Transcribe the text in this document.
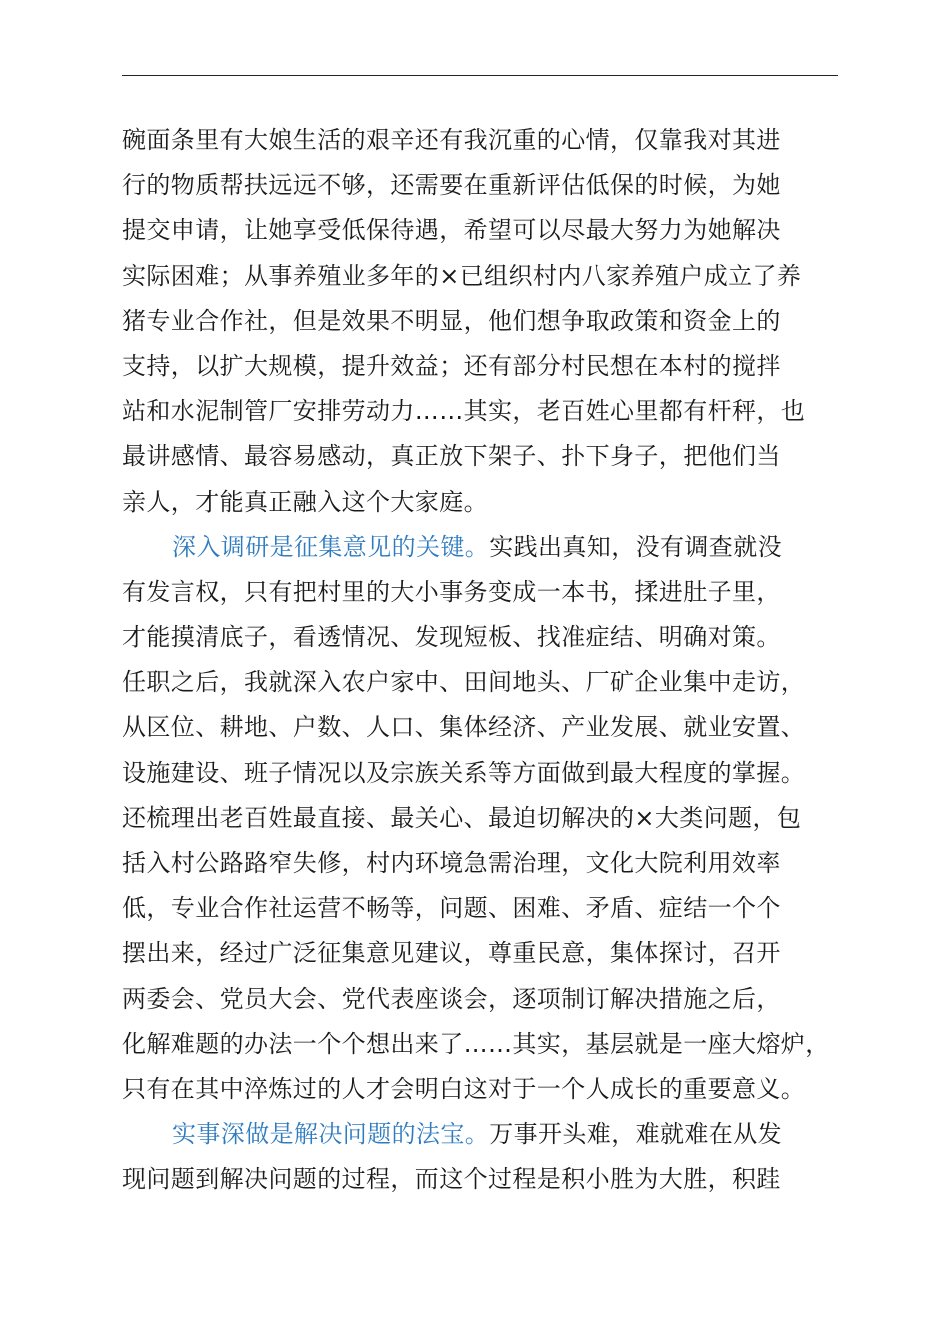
碗面条里有大娘生活的艰辛还有我沉重的心情，仅靠我对其进
行的物质帮扶远远不够，还需要在重新评估低保的时候，为她
提交申请，让她享受低保待遇，希望可以尽最大努力为她解决
实际困难；从事养殖业多年的×已组织村内八家养殖户成立了养
猪专业合作社，但是效果不明显，他们想争取政策和资金上的
支持，以扩大规模，提升效益；还有部分村民想在本村的搅拌
站和水泥制管厂安排劳动力……其实，老百姓心里都有杆秤，也
最讲感情、最容易感动，真正放下架子、扑下身子，把他们当
亲人，才能真正融入这个大家庭。
深入调研是征集意见的关键。实践出真知，没有调查就没
有发言权，只有把村里的大小事务变成一本书，揉进肚子里，
才能摸清底子，看透情况、发现短板、找准症结、明确对策。
任职之后，我就深入农户家中、田间地头、厂矿企业集中走访，
从区位、耕地、户数、人口、集体经济、产业发展、就业安置、
设施建设、班子情况以及宗族关系等方面做到最大程度的掌握。
还梳理出老百姓最直接、最关心、最迫切解决的×大类问题，包
括入村公路路窄失修，村内环境急需治理，文化大院利用效率
低，专业合作社运营不畅等，问题、困难、矛盾、症结一个个
摆出来，经过广泛征集意见建议，尊重民意，集体探讨，召开
两委会、党员大会、党代表座谈会，逐项制订解决措施之后，
化解难题的办法一个个想出来了……其实，基层就是一座大熔炉，
只有在其中淬炼过的人才会明白这对于一个人成长的重要意义。
实事深做是解决问题的法宝。万事开头难，难就难在从发
现问题到解决问题的过程，而这个过程是积小胜为大胜，积跬
